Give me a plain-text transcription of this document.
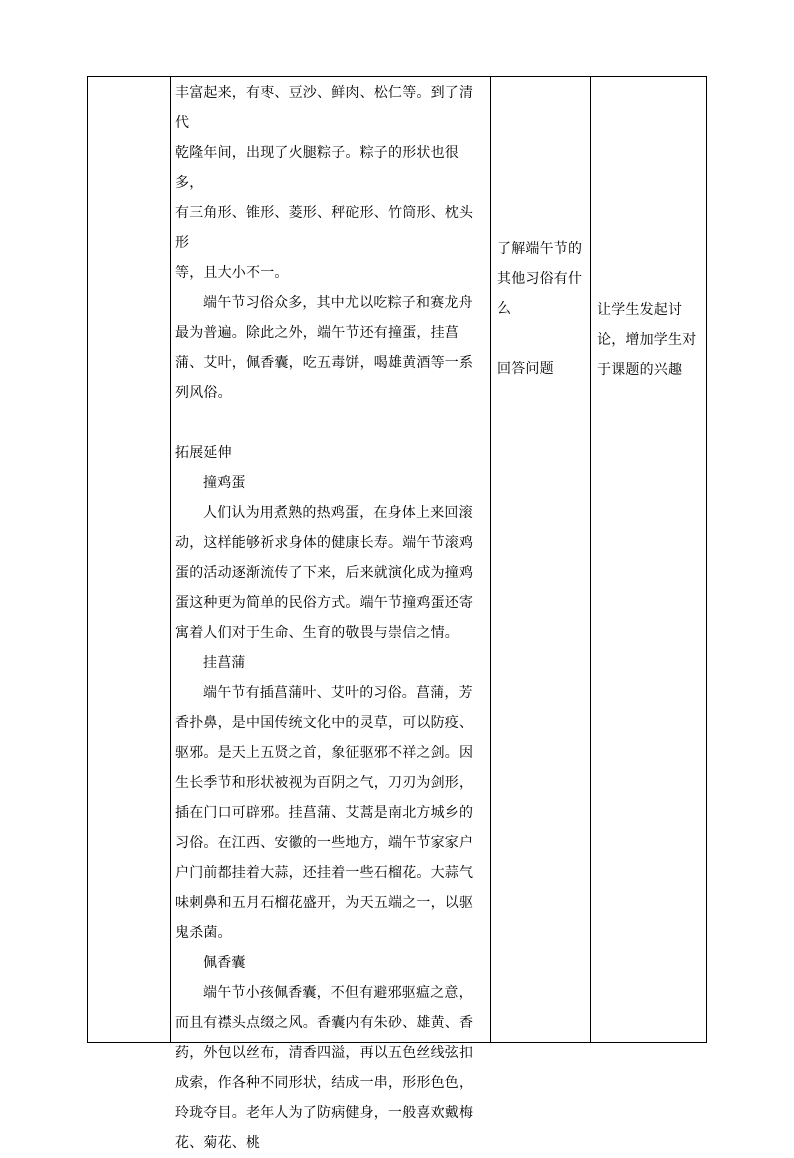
丰富起来，有枣、豆沙、鲜肉、松仁等。到了清代

乾隆年间，出现了火腿粽子。粽子的形状也很多，

有三角形、锥形、菱形、秤砣形、竹筒形、枕头形

等，且大小不一。

端午节习俗众多，其中尤以吃粽子和赛龙舟最为普遍。除此之外，端午节还有撞蛋，挂菖蒲、艾叶，佩香囊，吃五毒饼，喝雄黄酒等一系列风俗。

拓展延伸

撞鸡蛋

人们认为用煮熟的热鸡蛋，在身体上来回滚动，这样能够祈求身体的健康长寿。端午节滚鸡蛋的活动逐渐流传了下来，后来就演化成为撞鸡蛋这种更为简单的民俗方式。端午节撞鸡蛋还寄寓着人们对于生命、生育的敬畏与崇信之情。

挂菖蒲

端午节有插菖蒲叶、艾叶的习俗。菖蒲，芳香扑鼻，是中国传统文化中的灵草，可以防疫、驱邪。是天上五贤之首，象征驱邪不祥之剑。因生长季节和形状被视为百阴之气，刀刃为剑形，插在门口可辟邪。挂菖蒲、艾蒿是南北方城乡的习俗。在江西、安徽的一些地方，端午节家家户户门前都挂着大蒜，还挂着一些石榴花。大蒜气味刺鼻和五月石榴花盛开，为天五端之一，以驱鬼杀菌。

佩香囊

端午节小孩佩香囊，不但有避邪驱瘟之意，而且有襟头点缀之风。香囊内有朱砂、雄黄、香药，外包以丝布，清香四溢，再以五色丝线弦扣成索，作各种不同形状，结成一串，形形色色，玲珑夺目。老年人为了防病健身，一般喜欢戴梅花、菊花、桃

了解端午节的其他习俗有什么

回答问题

让学生发起讨论，增加学生对于课题的兴趣
